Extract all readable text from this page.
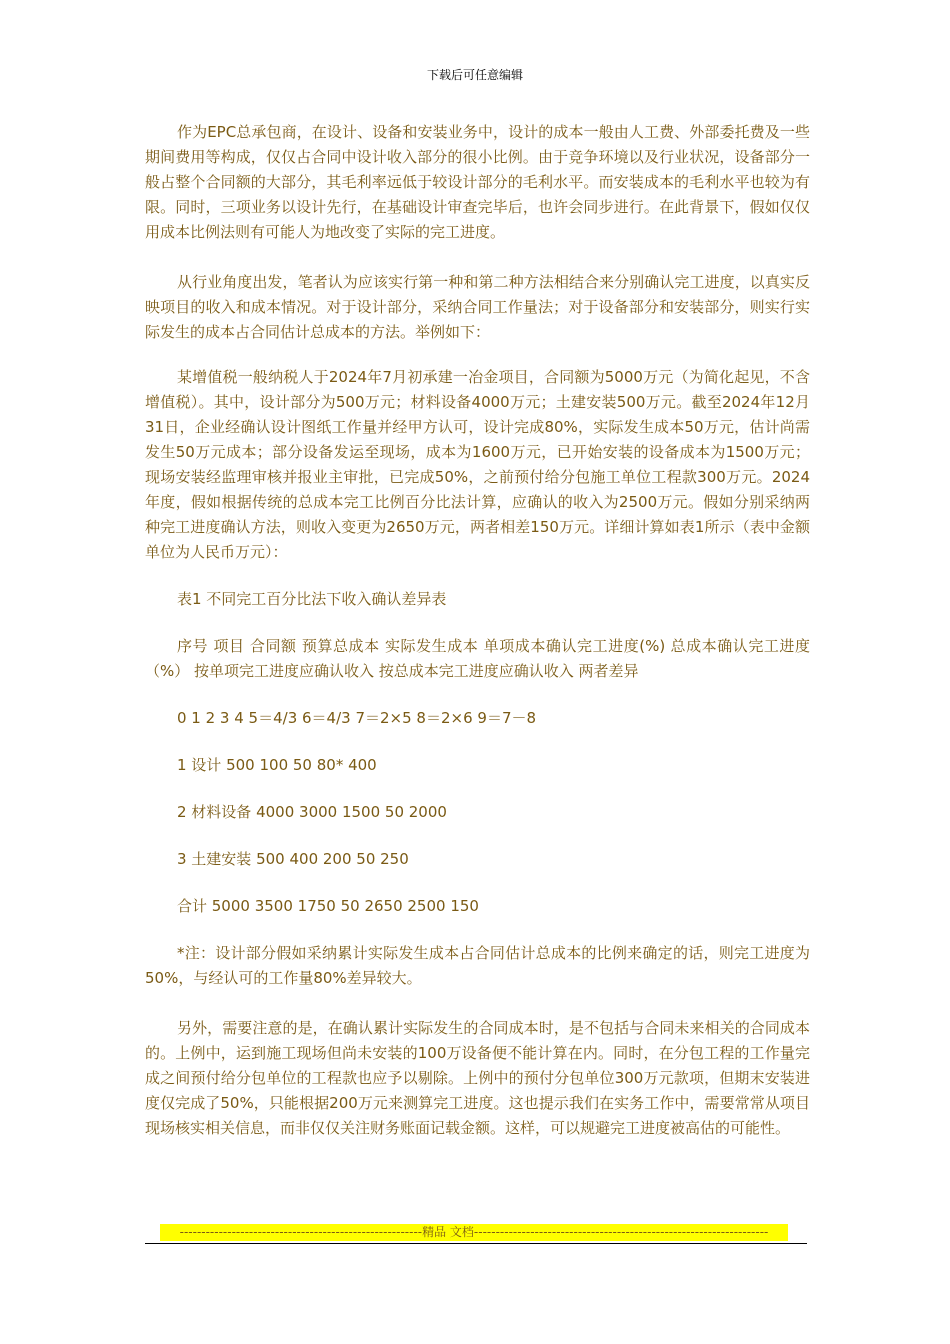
下载后可任意编辑

作为EPC总承包商，在设计、设备和安装业务中，设计的成本一般由人工费、外部委托费及一些期间费用等构成，仅仅占合同中设计收入部分的很小比例。由于竞争环境以及行业状况，设备部分一般占整个合同额的大部分，其毛利率远低于较设计部分的毛利水平。而安装成本的毛利水平也较为有限。同时，三项业务以设计先行，在基础设计审查完毕后，也许会同步进行。在此背景下，假如仅仅用成本比例法则有可能人为地改变了实际的完工进度。

从行业角度出发，笔者认为应该实行第一种和第二种方法相结合来分别确认完工进度，以真实反映项目的收入和成本情况。对于设计部分，采纳合同工作量法；对于设备部分和安装部分，则实行实际发生的成本占合同估计总成本的方法。举例如下：

某增值税一般纳税人于2024年7月初承建一冶金项目，合同额为5000万元（为简化起见，不含增值税）。其中，设计部分为500万元；材料设备4000万元；土建安装500万元。截至2024年12月31日，企业经确认设计图纸工作量并经甲方认可，设计完成80%，实际发生成本50万元，估计尚需发生50万元成本；部分设备发运至现场，成本为1600万元，已开始安装的设备成本为1500万元；现场安装经监理审核并报业主审批，已完成50%，之前预付给分包施工单位工程款300万元。2024年度，假如根据传统的总成本完工比例百分比法计算，应确认的收入为2500万元。假如分别采纳两种完工进度确认方法，则收入变更为2650万元，两者相差150万元。详细计算如表1所示（表中金额单位为人民币万元）：

表1 不同完工百分比法下收入确认差异表

序号 项目 合同额 预算总成本 实际发生成本 单项成本确认完工进度(%) 总成本确认完工进度（%） 按单项完工进度应确认收入 按总成本完工进度应确认收入 两者差异

0 1 2 3 4 5＝4/3 6＝4/3 7＝2×5 8＝2×6 9＝7－8

1 设计 500 100 50 80* 400

2 材料设备 4000 3000 1500 50 2000

3 土建安装 500 400 200 50 250

合计 5000 3500 1750 50 2650 2500 150

*注：设计部分假如采纳累计实际发生成本占合同估计总成本的比例来确定的话，则完工进度为50%，与经认可的工作量80%差异较大。

另外，需要注意的是，在确认累计实际发生的合同成本时，是不包括与合同未来相关的合同成本的。上例中，运到施工现场但尚未安装的100万设备便不能计算在内。同时，在分包工程的工作量完成之间预付给分包单位的工程款也应予以剔除。上例中的预付分包单位300万元款项，但期末安装进度仅完成了50%，只能根据200万元来测算完工进度。这也提示我们在实务工作中，需要常常从项目现场核实相关信息，而非仅仅关注财务账面记载金额。这样，可以规避完工进度被高估的可能性。

--------------------------------------------------------精品 文档--------------------------------------------------------------------
